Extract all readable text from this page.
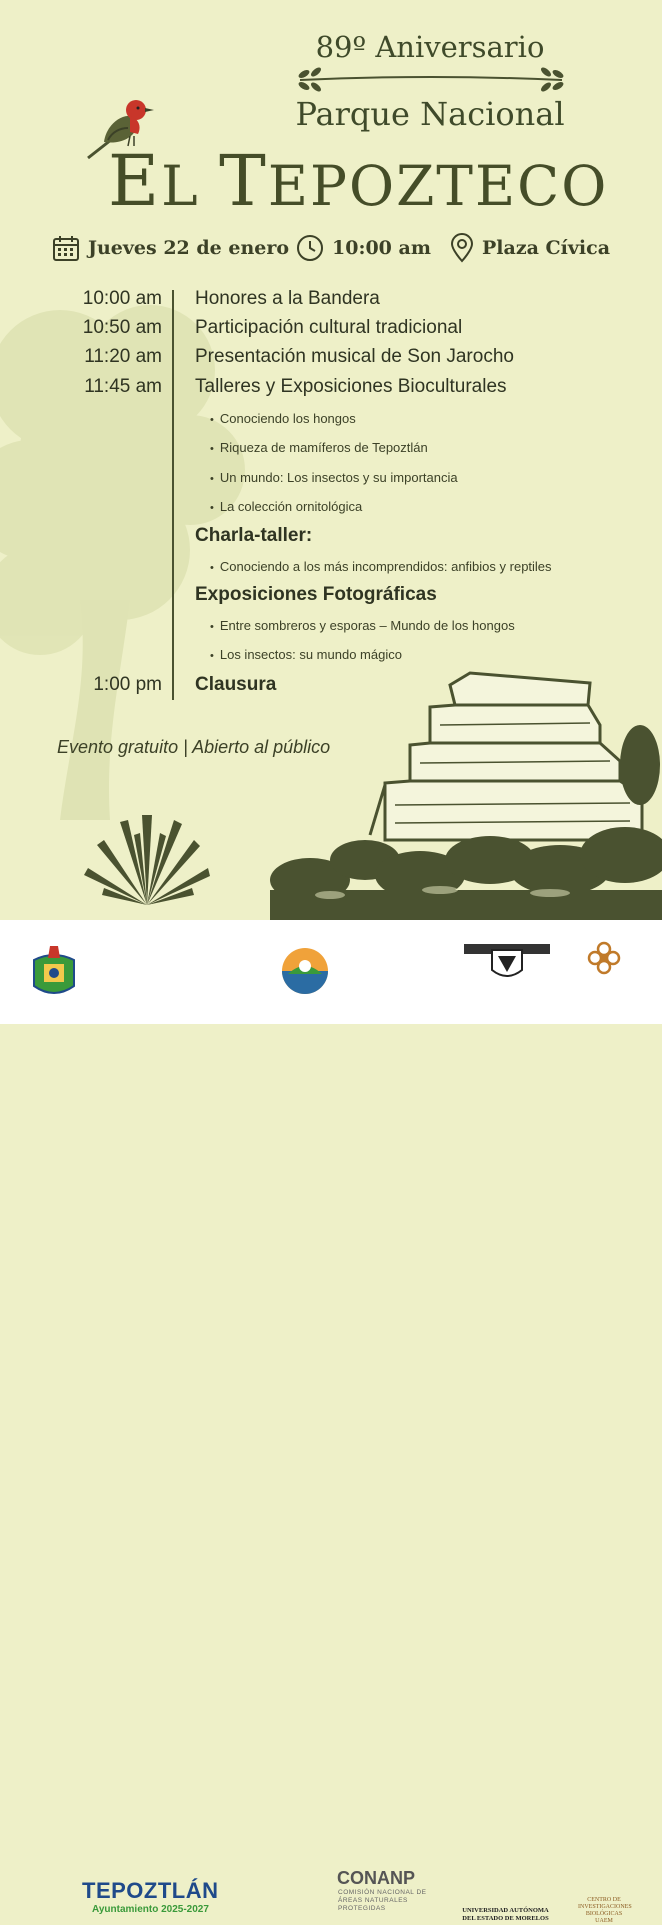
89º Aniversario
Parque Nacional
EL TEPOZTECO
Jueves 22 de enero 10:00 am	Plaza Cívica
10:00 am Honores a la Bandera
10:50 am Participación cultural tradicional
11:20 am Presentación musical de Son Jarocho
11:45 am Talleres y Exposiciones Bioculturales
• Conociendo los hongos
• Riqueza de mamíferos de Tepoztlán
• Un mundo: Los insectos y su importancia
• La colección ornitológica
Charla-taller:
• Conociendo a los más incomprendidos: anfibios y reptiles
Exposiciones Fotográficas
• Entre sombreros y esporas – Mundo de los hongos
• Los insectos: su mundo mágico
1:00 pm Clausura
Evento gratuito | Abierto al público
TEPOZTLÁN
Ayuntamiento 2025-2027
CONANP
COMISIÓN NACIONAL DE ÁREAS NATURALES PROTEGIDAS	UNIVERSIDAD AUTÓNOMA DEL ESTADO DE MORELOS
CENTRO DE INVESTIGACIONES BIOLÓGICAS UAEM
